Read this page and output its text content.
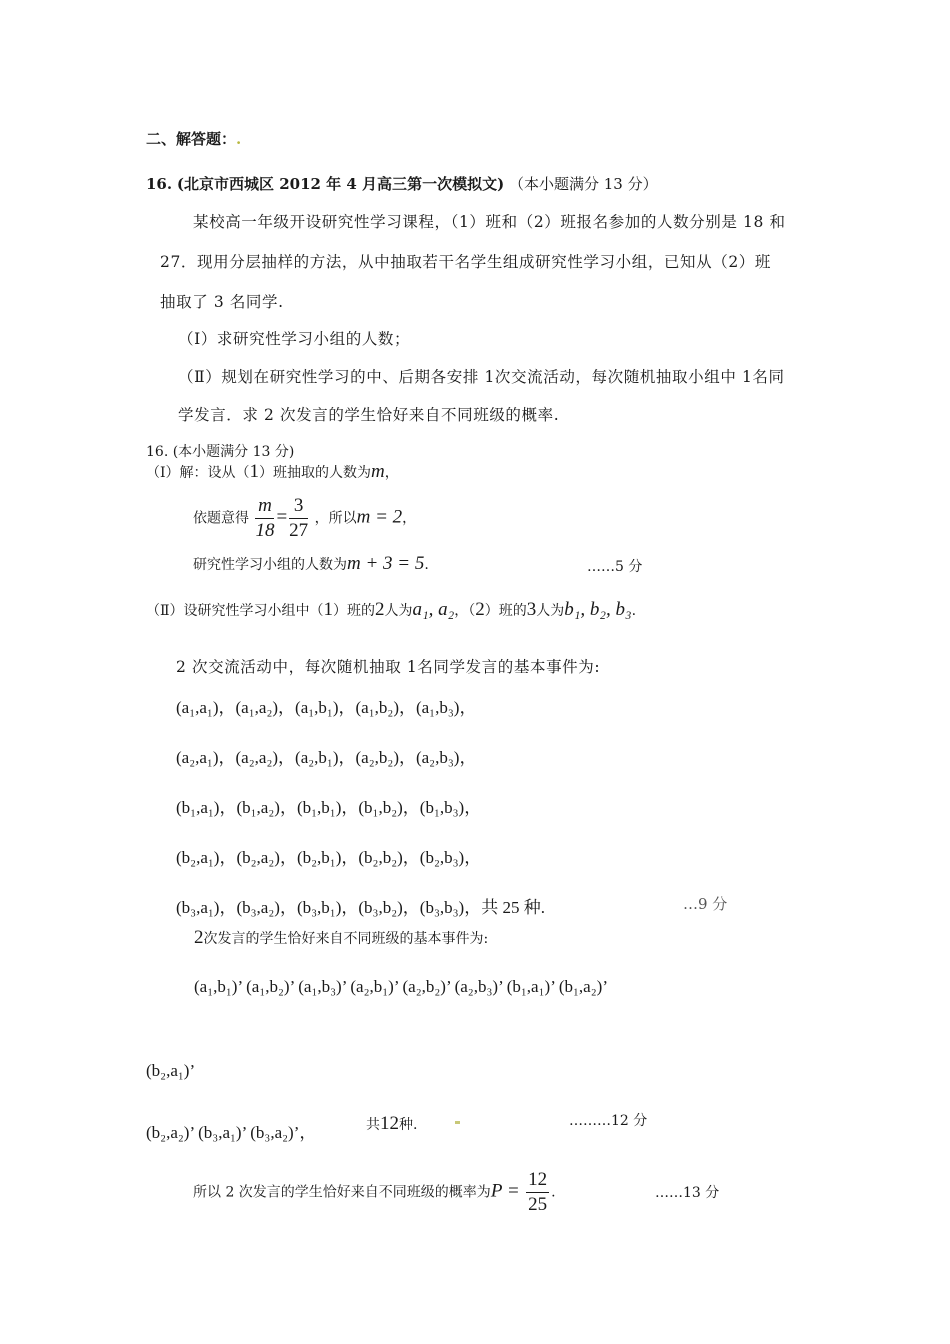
二、解答题：.
16. (北京市西城区 2012 年 4 月高三第一次模拟文) （本小题满分 13 分）
某校高一年级开设研究性学习课程，（1）班和（2）班报名参加的人数分别是 18 和
27．现用分层抽样的方法，从中抽取若干名学生组成研究性学习小组，已知从（2）班
抽取了 3 名同学.
（Ⅰ）求研究性学习小组的人数；
（Ⅱ）规划在研究性学习的中、后期各安排 1次交流活动，每次随机抽取小组中 1名同
学发言．求 2 次发言的学生恰好来自不同班级的概率.
16. (本小题满分 13 分)
（Ⅰ）解：设从（1）班抽取的人数为m，
依题意得 $\frac{m}{18} = \frac{3}{27}$ ，所以m = 2，
研究性学习小组的人数为m + 3 = 5.	……5 分
（Ⅱ）设研究性学习小组中（1）班的2人为a₁, a₂，（2）班的3人为b₁, b₂, b₃.
2 次交流活动中，每次随机抽取 1名同学发言的基本事件为:
(a₁,a₁)，(a₁,a₂)，(a₁,b₁)，(a₁,b₂)，(a₁,b₃)，
(a₂,a₁)，(a₂,a₂)，(a₂,b₁)，(a₂,b₂)，(a₂,b₃)，
(b₁,a₁)，(b₁,a₂)，(b₁,b₁)，(b₁,b₂)，(b₁,b₃)，
(b₂,a₁)，(b₂,a₂)，(b₂,b₁)，(b₂,b₂)，(b₂,b₃)，
(b₃,a₁)，(b₃,a₂)，(b₃,b₁)，(b₃,b₂)，(b₃,b₃)，共 25 种.	…9 分
2次发言的学生恰好来自不同班级的基本事件为:
(a₁,b₁)’ (a₁,b₂)’ (a₁,b₃)’ (a₂,b₁)’ (a₂,b₂)’ (a₂,b₃)’ (b₁,a₁)’ (b₁,a₂)’
(b₂,a₁)’
(b₂,a₂)’ (b₃,a₁)’ (b₃,a₂)’，	共12种.	………12 分
所以 2 次发言的学生恰好来自不同班级的概率为$P = \frac{12}{25}$ .	……13 分
